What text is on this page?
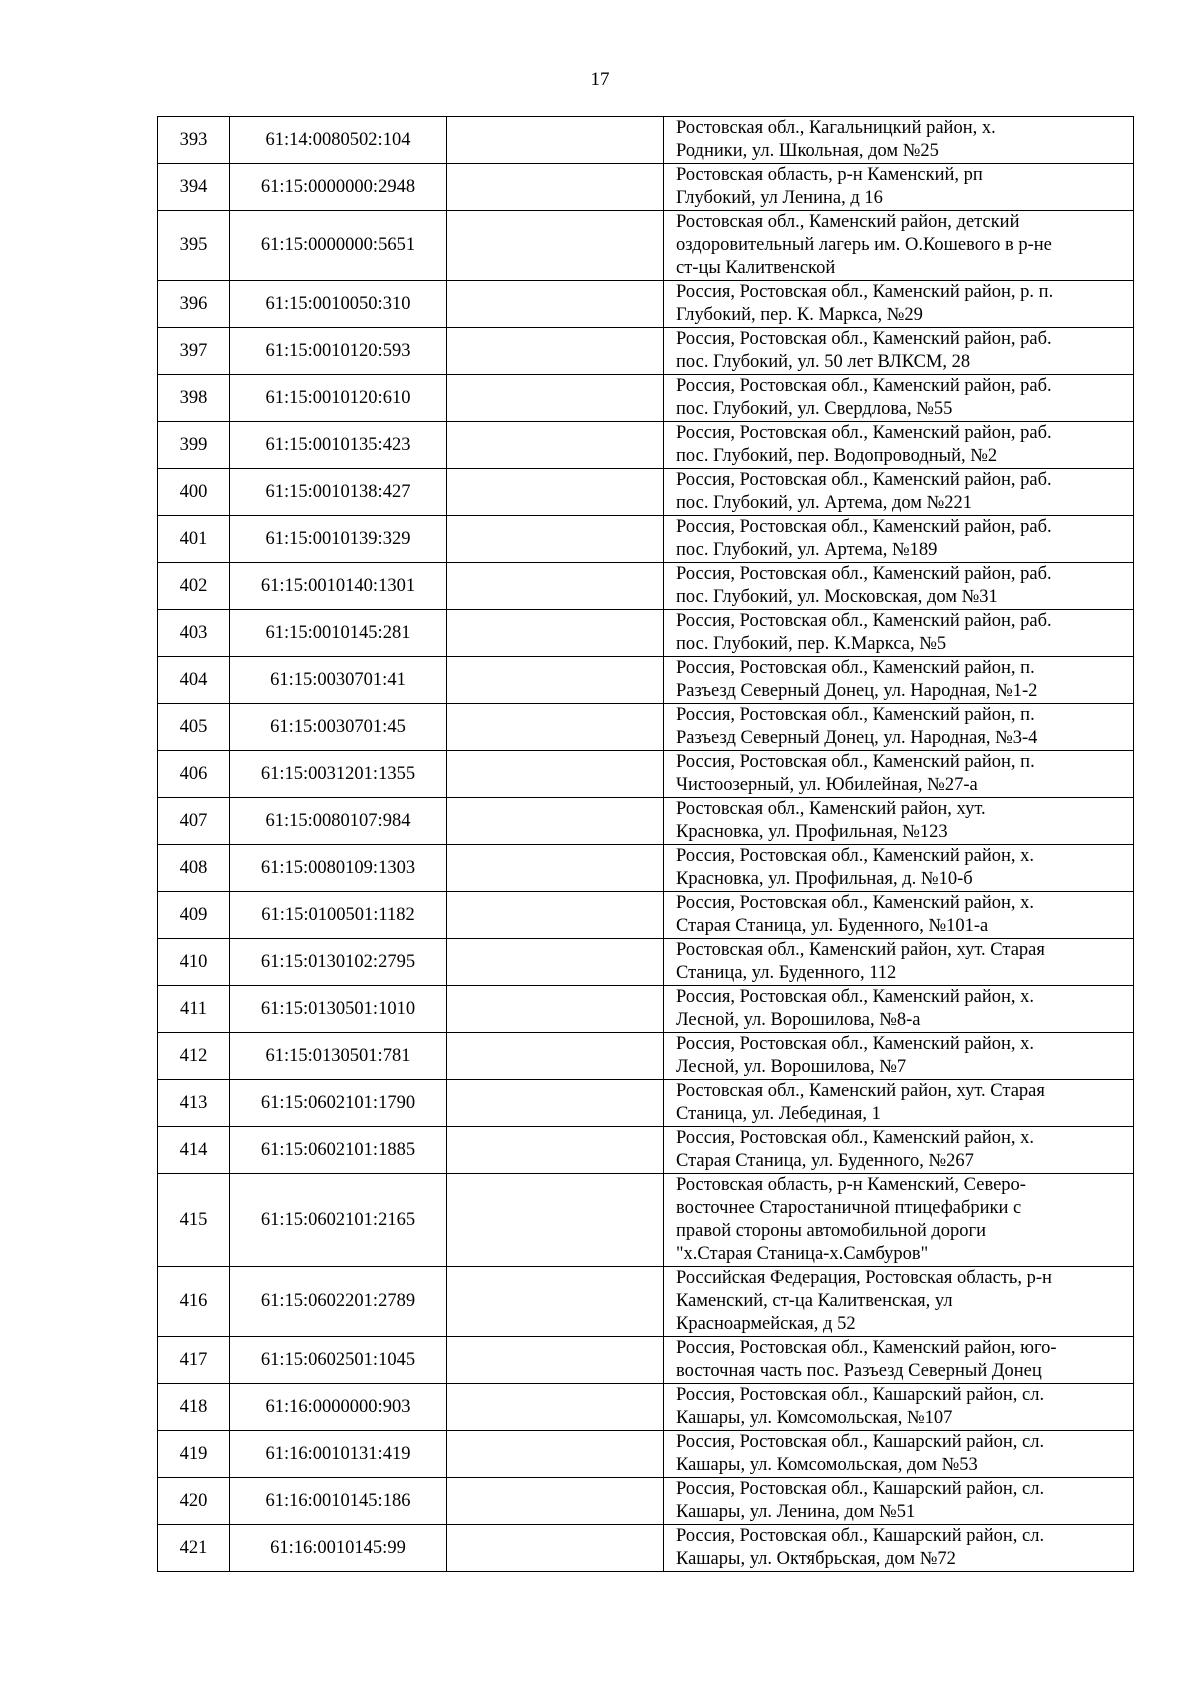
17
393	61:14:0080502:104		Ростовская обл., Кагальницкий район, х.
Родники, ул. Школьная, дом №25

394	61:15:0000000:2948		Ростовская область, р-н Каменский, рп
Глубокий, ул Ленина, д 16

395	61:15:0000000:5651		Ростовская обл., Каменский район, детский
оздоровительный лагерь им. О.Кошевого в р-не
ст-цы Калитвенской

396	61:15:0010050:310		Россия, Ростовская обл., Каменский район, р. п.
Глубокий, пер. К. Маркса, №29

397	61:15:0010120:593		Россия, Ростовская обл., Каменский район, раб.
пос. Глубокий, ул. 50 лет ВЛКСМ, 28

398	61:15:0010120:610		Россия, Ростовская обл., Каменский район, раб.
пос. Глубокий, ул. Свердлова, №55

399	61:15:0010135:423		Россия, Ростовская обл., Каменский район, раб.
пос. Глубокий, пер. Водопроводный, №2

400	61:15:0010138:427		Россия, Ростовская обл., Каменский район, раб.
пос. Глубокий, ул. Артема, дом №221

401	61:15:0010139:329		Россия, Ростовская обл., Каменский район, раб.
пос. Глубокий, ул. Артема, №189

402	61:15:0010140:1301		Россия, Ростовская обл., Каменский район, раб.
пос. Глубокий, ул. Московская, дом №31

403	61:15:0010145:281		Россия, Ростовская обл., Каменский район, раб.
пос. Глубокий, пер. К.Маркса, №5

404	61:15:0030701:41		Россия, Ростовская обл., Каменский район, п.
Разъезд Северный Донец, ул. Народная, №1-2

405	61:15:0030701:45		Россия, Ростовская обл., Каменский район, п.
Разъезд Северный Донец, ул. Народная, №3-4

406	61:15:0031201:1355		Россия, Ростовская обл., Каменский район, п.
Чистоозерный, ул. Юбилейная, №27-а

407	61:15:0080107:984		Ростовская обл., Каменский район, хут.
Красновка, ул. Профильная, №123

408	61:15:0080109:1303		Россия, Ростовская обл., Каменский район, х.
Красновка, ул. Профильная, д. №10-б

409	61:15:0100501:1182		Россия, Ростовская обл., Каменский район, х.
Старая Станица, ул. Буденного, №101-а

410	61:15:0130102:2795		Ростовская обл., Каменский район, хут. Старая
Станица, ул. Буденного, 112

411	61:15:0130501:1010		Россия, Ростовская обл., Каменский район, х.
Лесной, ул. Ворошилова, №8-а

412	61:15:0130501:781		Россия, Ростовская обл., Каменский район, х.
Лесной, ул. Ворошилова, №7

413	61:15:0602101:1790		Ростовская обл., Каменский район, хут. Старая
Станица, ул. Лебединая, 1

414	61:15:0602101:1885		Россия, Ростовская обл., Каменский район, х.
Старая Станица, ул. Буденного, №267

415	61:15:0602101:2165		Ростовская область, р-н Каменский, Северо-
восточнее Старостаничной птицефабрики с
правой стороны автомобильной дороги
"х.Старая Станица-х.Самбуров"

416	61:15:0602201:2789		Российская Федерация, Ростовская область, р-н
Каменский, ст-ца Калитвенская, ул
Красноармейская, д 52

417	61:15:0602501:1045		Россия, Ростовская обл., Каменский район, юго-
восточная часть пос. Разъезд Северный Донец

418	61:16:0000000:903		Россия, Ростовская обл., Кашарский район, сл.
Кашары, ул. Комсомольская, №107

419	61:16:0010131:419		Россия, Ростовская обл., Кашарский район, сл.
Кашары, ул. Комсомольская, дом №53

420	61:16:0010145:186		Россия, Ростовская обл., Кашарский район, сл.
Кашары, ул. Ленина, дом №51

421	61:16:0010145:99		Россия, Ростовская обл., Кашарский район, сл.
Кашары, ул. Октябрьская, дом №72
